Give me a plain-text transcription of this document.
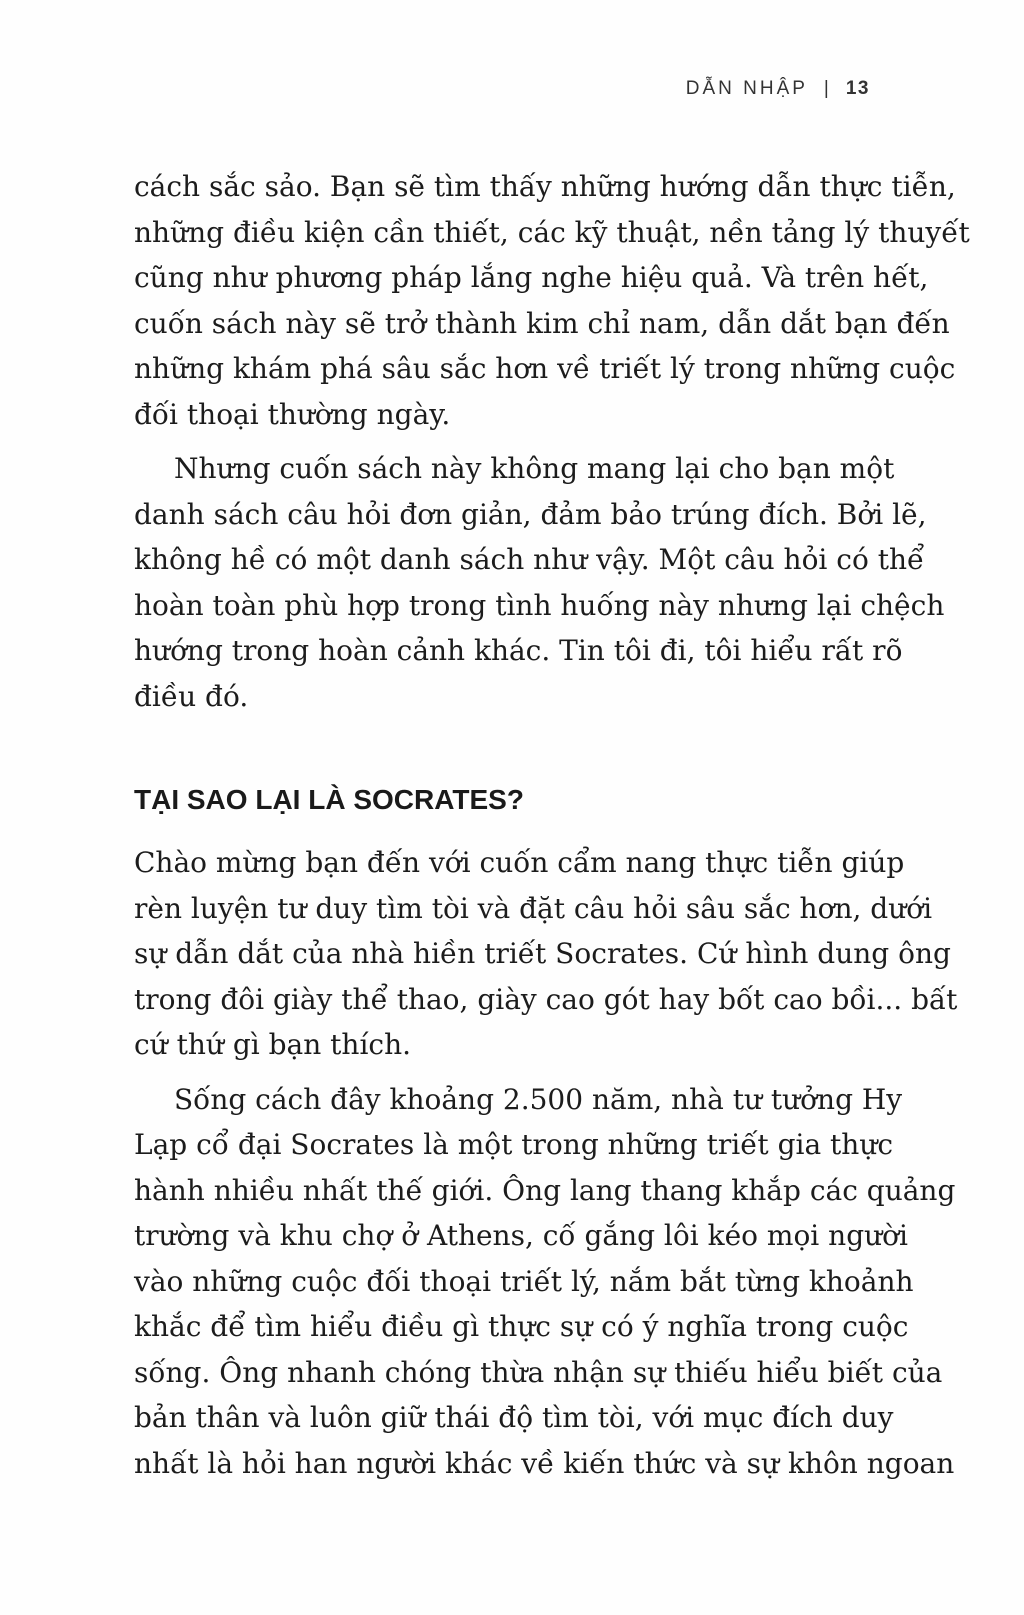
DẪN NHẬP | 13

cách sắc sảo. Bạn sẽ tìm thấy những hướng dẫn thực tiễn,
những điều kiện cần thiết, các kỹ thuật, nền tảng lý thuyết
cũng như phương pháp lắng nghe hiệu quả. Và trên hết,
cuốn sách này sẽ trở thành kim chỉ nam, dẫn dắt bạn đến
những khám phá sâu sắc hơn về triết lý trong những cuộc
đối thoại thường ngày.

Nhưng cuốn sách này không mang lại cho bạn một
danh sách câu hỏi đơn giản, đảm bảo trúng đích. Bởi lẽ,
không hề có một danh sách như vậy. Một câu hỏi có thể
hoàn toàn phù hợp trong tình huống này nhưng lại chệch
hướng trong hoàn cảnh khác. Tin tôi đi, tôi hiểu rất rõ
điều đó.

TẠI SAO LẠI LÀ SOCRATES?

Chào mừng bạn đến với cuốn cẩm nang thực tiễn giúp
rèn luyện tư duy tìm tòi và đặt câu hỏi sâu sắc hơn, dưới
sự dẫn dắt của nhà hiền triết Socrates. Cứ hình dung ông
trong đôi giày thể thao, giày cao gót hay bốt cao bồi... bất
cứ thứ gì bạn thích.

Sống cách đây khoảng 2.500 năm, nhà tư tưởng Hy
Lạp cổ đại Socrates là một trong những triết gia thực
hành nhiều nhất thế giới. Ông lang thang khắp các quảng
trường và khu chợ ở Athens, cố gắng lôi kéo mọi người
vào những cuộc đối thoại triết lý, nắm bắt từng khoảnh
khắc để tìm hiểu điều gì thực sự có ý nghĩa trong cuộc
sống. Ông nhanh chóng thừa nhận sự thiếu hiểu biết của
bản thân và luôn giữ thái độ tìm tòi, với mục đích duy
nhất là hỏi han người khác về kiến thức và sự khôn ngoan
